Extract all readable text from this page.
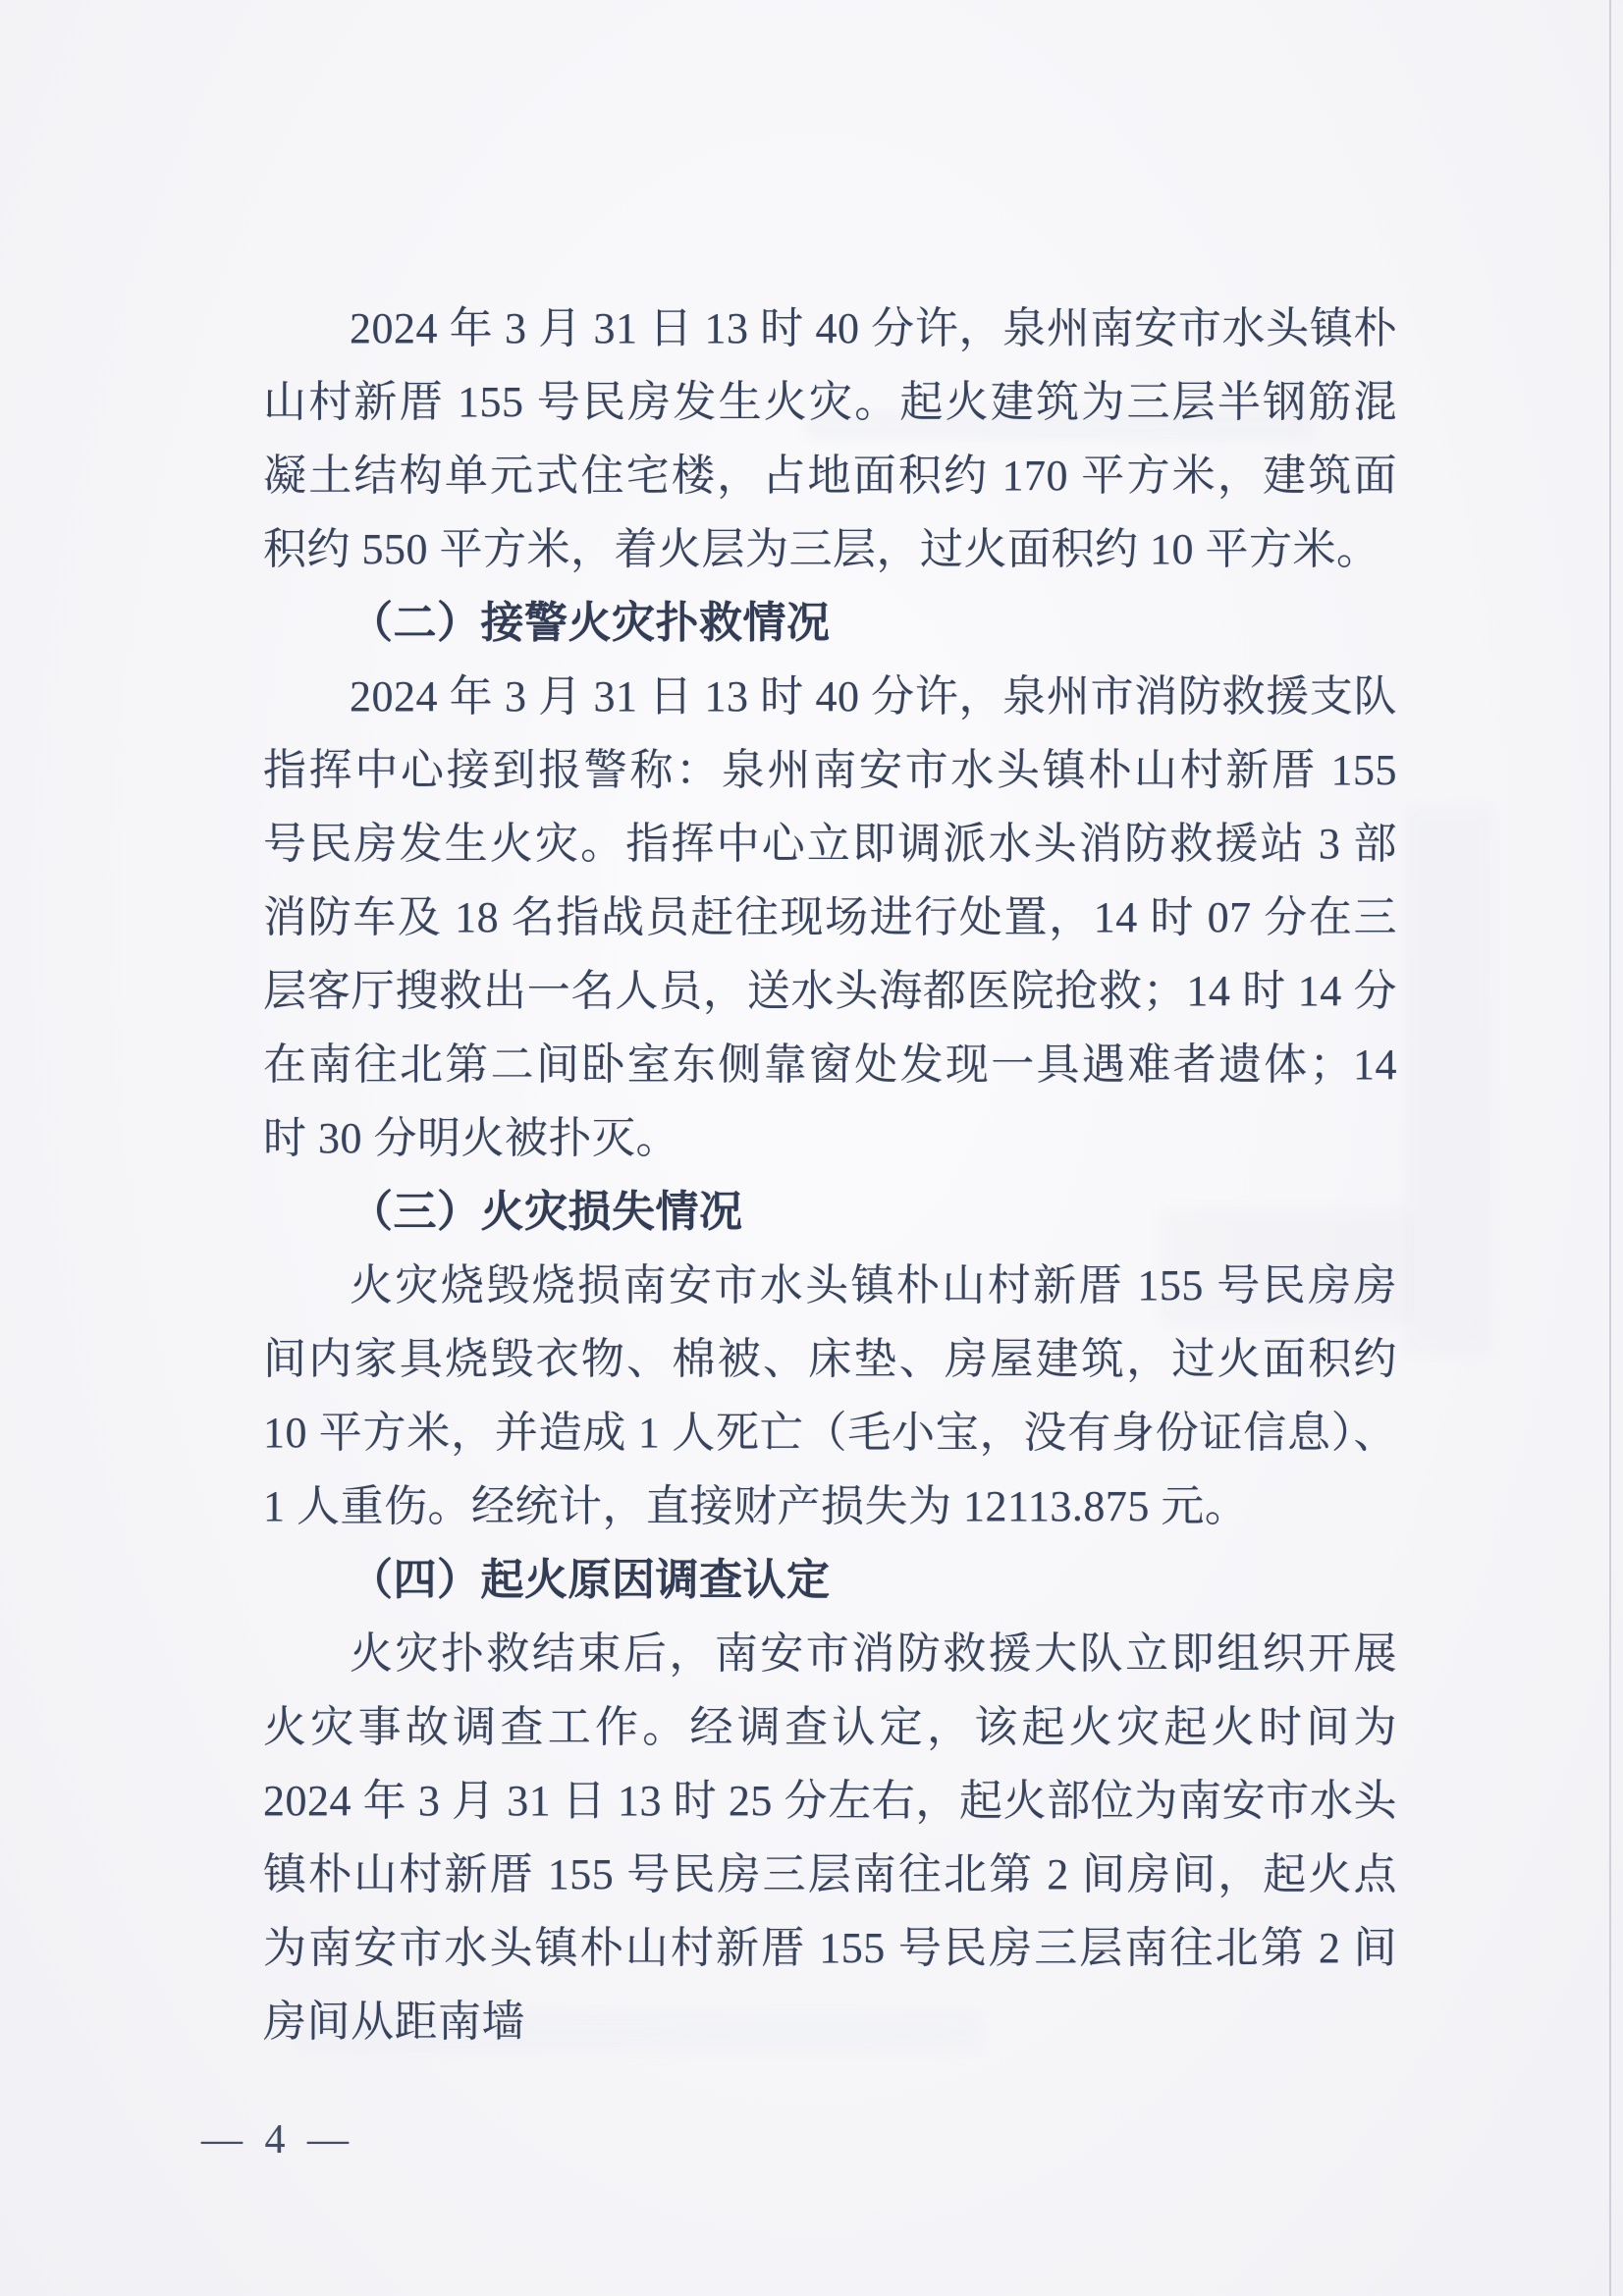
2024 年 3 月 31 日 13 时 40 分许，泉州南安市水头镇朴山村新厝 155 号民房发生火灾。起火建筑为三层半钢筋混凝土结构单元式住宅楼，占地面积约 170 平方米，建筑面积约 550 平方米，着火层为三层，过火面积约 10 平方米。

（二）接警火灾扑救情况

2024 年 3 月 31 日 13 时 40 分许，泉州市消防救援支队指挥中心接到报警称：泉州南安市水头镇朴山村新厝 155 号民房发生火灾。指挥中心立即调派水头消防救援站 3 部消防车及 18 名指战员赶往现场进行处置，14 时 07 分在三层客厅搜救出一名人员，送水头海都医院抢救；14 时 14 分在南往北第二间卧室东侧靠窗处发现一具遇难者遗体；14 时 30 分明火被扑灭。

（三）火灾损失情况

火灾烧毁烧损南安市水头镇朴山村新厝 155 号民房房间内家具烧毁衣物、棉被、床垫、房屋建筑，过火面积约 10 平方米，并造成 1 人死亡（毛小宝，没有身份证信息）、1 人重伤。经统计，直接财产损失为 12113.875 元。

（四）起火原因调查认定

火灾扑救结束后，南安市消防救援大队立即组织开展火灾事故调查工作。经调查认定，该起火灾起火时间为 2024 年 3 月 31 日 13 时 25 分左右，起火部位为南安市水头镇朴山村新厝 155 号民房三层南往北第 2 间房间，起火点为南安市水头镇朴山村新厝 155 号民房三层南往北第 2 间房间从距南墙

— 4 —
